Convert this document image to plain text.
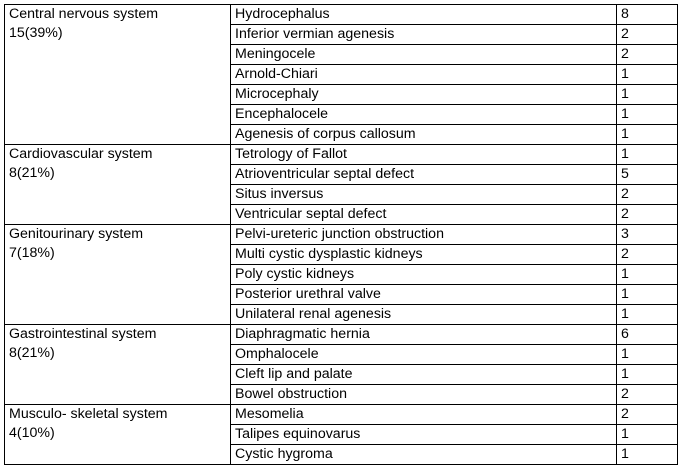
Central nervous system
15(39%)	Hydrocephalus	8
	Inferior vermian agenesis	2
	Meningocele	2
	Arnold-Chiari	1
	Microcephaly	1
	Encephalocele	1
	Agenesis of corpus callosum	1

Cardiovascular system
8(21%)	Tetrology of Fallot	1
	Atrioventricular septal defect	5
	Situs inversus	2
	Ventricular septal defect	2

Genitourinary system
7(18%)	Pelvi-ureteric junction obstruction	3
	Multi cystic dysplastic kidneys	2
	Poly cystic kidneys	1
	Posterior urethral valve	1
	Unilateral renal agenesis	1

Gastrointestinal system
8(21%)	Diaphragmatic hernia	6
	Omphalocele	1
	Cleft lip and palate	1
	Bowel obstruction	2

Musculo- skeletal system
4(10%)	Mesomelia	2
	Talipes equinovarus	1
	Cystic hygroma	1
